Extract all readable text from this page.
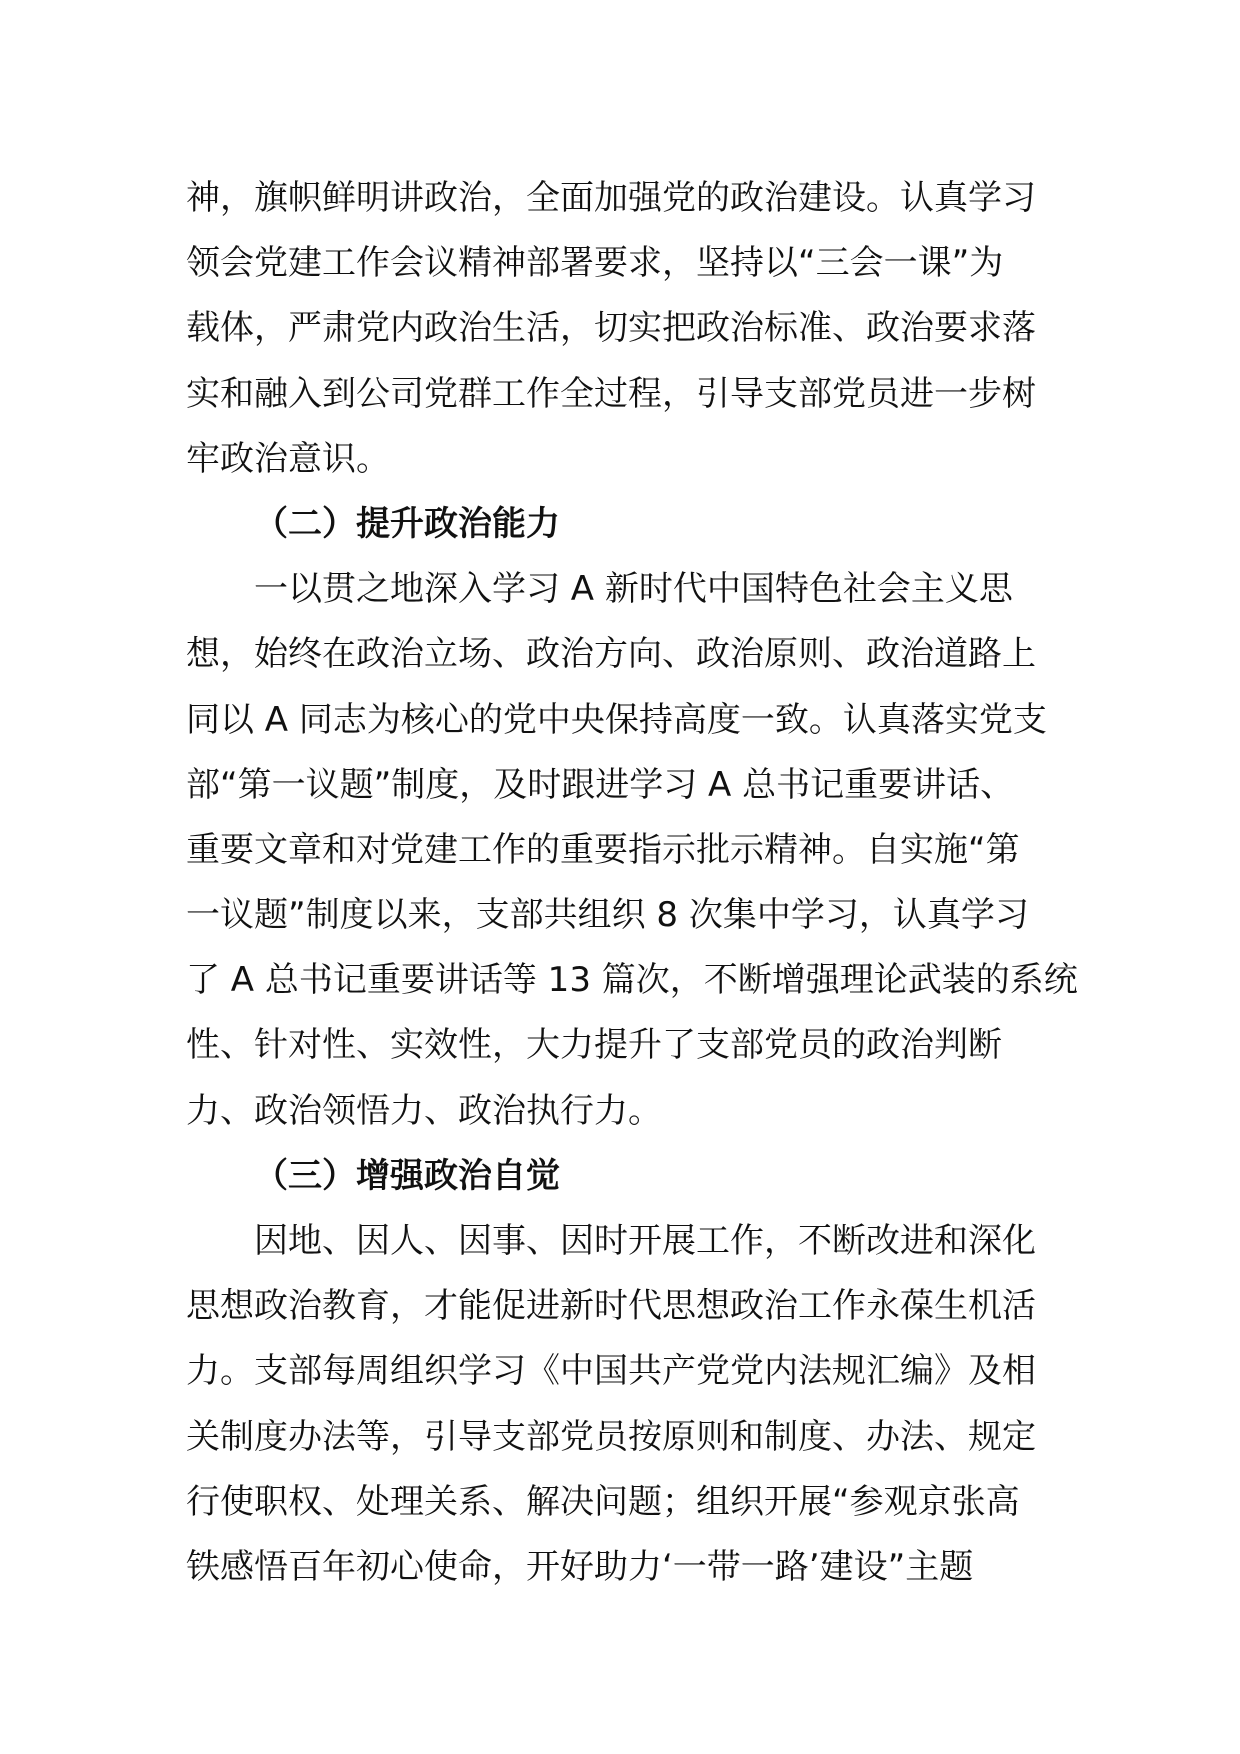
神，旗帜鲜明讲政治，全面加强党的政治建设。认真学习
领会党建工作会议精神部署要求，坚持以“三会一课”为
载体，严肃党内政治生活，切实把政治标准、政治要求落
实和融入到公司党群工作全过程，引导支部党员进一步树
牢政治意识。
（二）提升政治能力
一以贯之地深入学习 A 新时代中国特色社会主义思
想，始终在政治立场、政治方向、政治原则、政治道路上
同以 A 同志为核心的党中央保持高度一致。认真落实党支
部“第一议题”制度，及时跟进学习 A 总书记重要讲话、
重要文章和对党建工作的重要指示批示精神。自实施“第
一议题”制度以来，支部共组织 8 次集中学习，认真学习
了 A 总书记重要讲话等 13 篇次，不断增强理论武装的系统
性、针对性、实效性，大力提升了支部党员的政治判断
力、政治领悟力、政治执行力。
（三）增强政治自觉
因地、因人、因事、因时开展工作，不断改进和深化
思想政治教育，才能促进新时代思想政治工作永葆生机活
力。支部每周组织学习《中国共产党党内法规汇编》及相
关制度办法等，引导支部党员按原则和制度、办法、规定
行使职权、处理关系、解决问题；组织开展“参观京张高
铁感悟百年初心使命，开好助力‘一带一路’建设”主题
